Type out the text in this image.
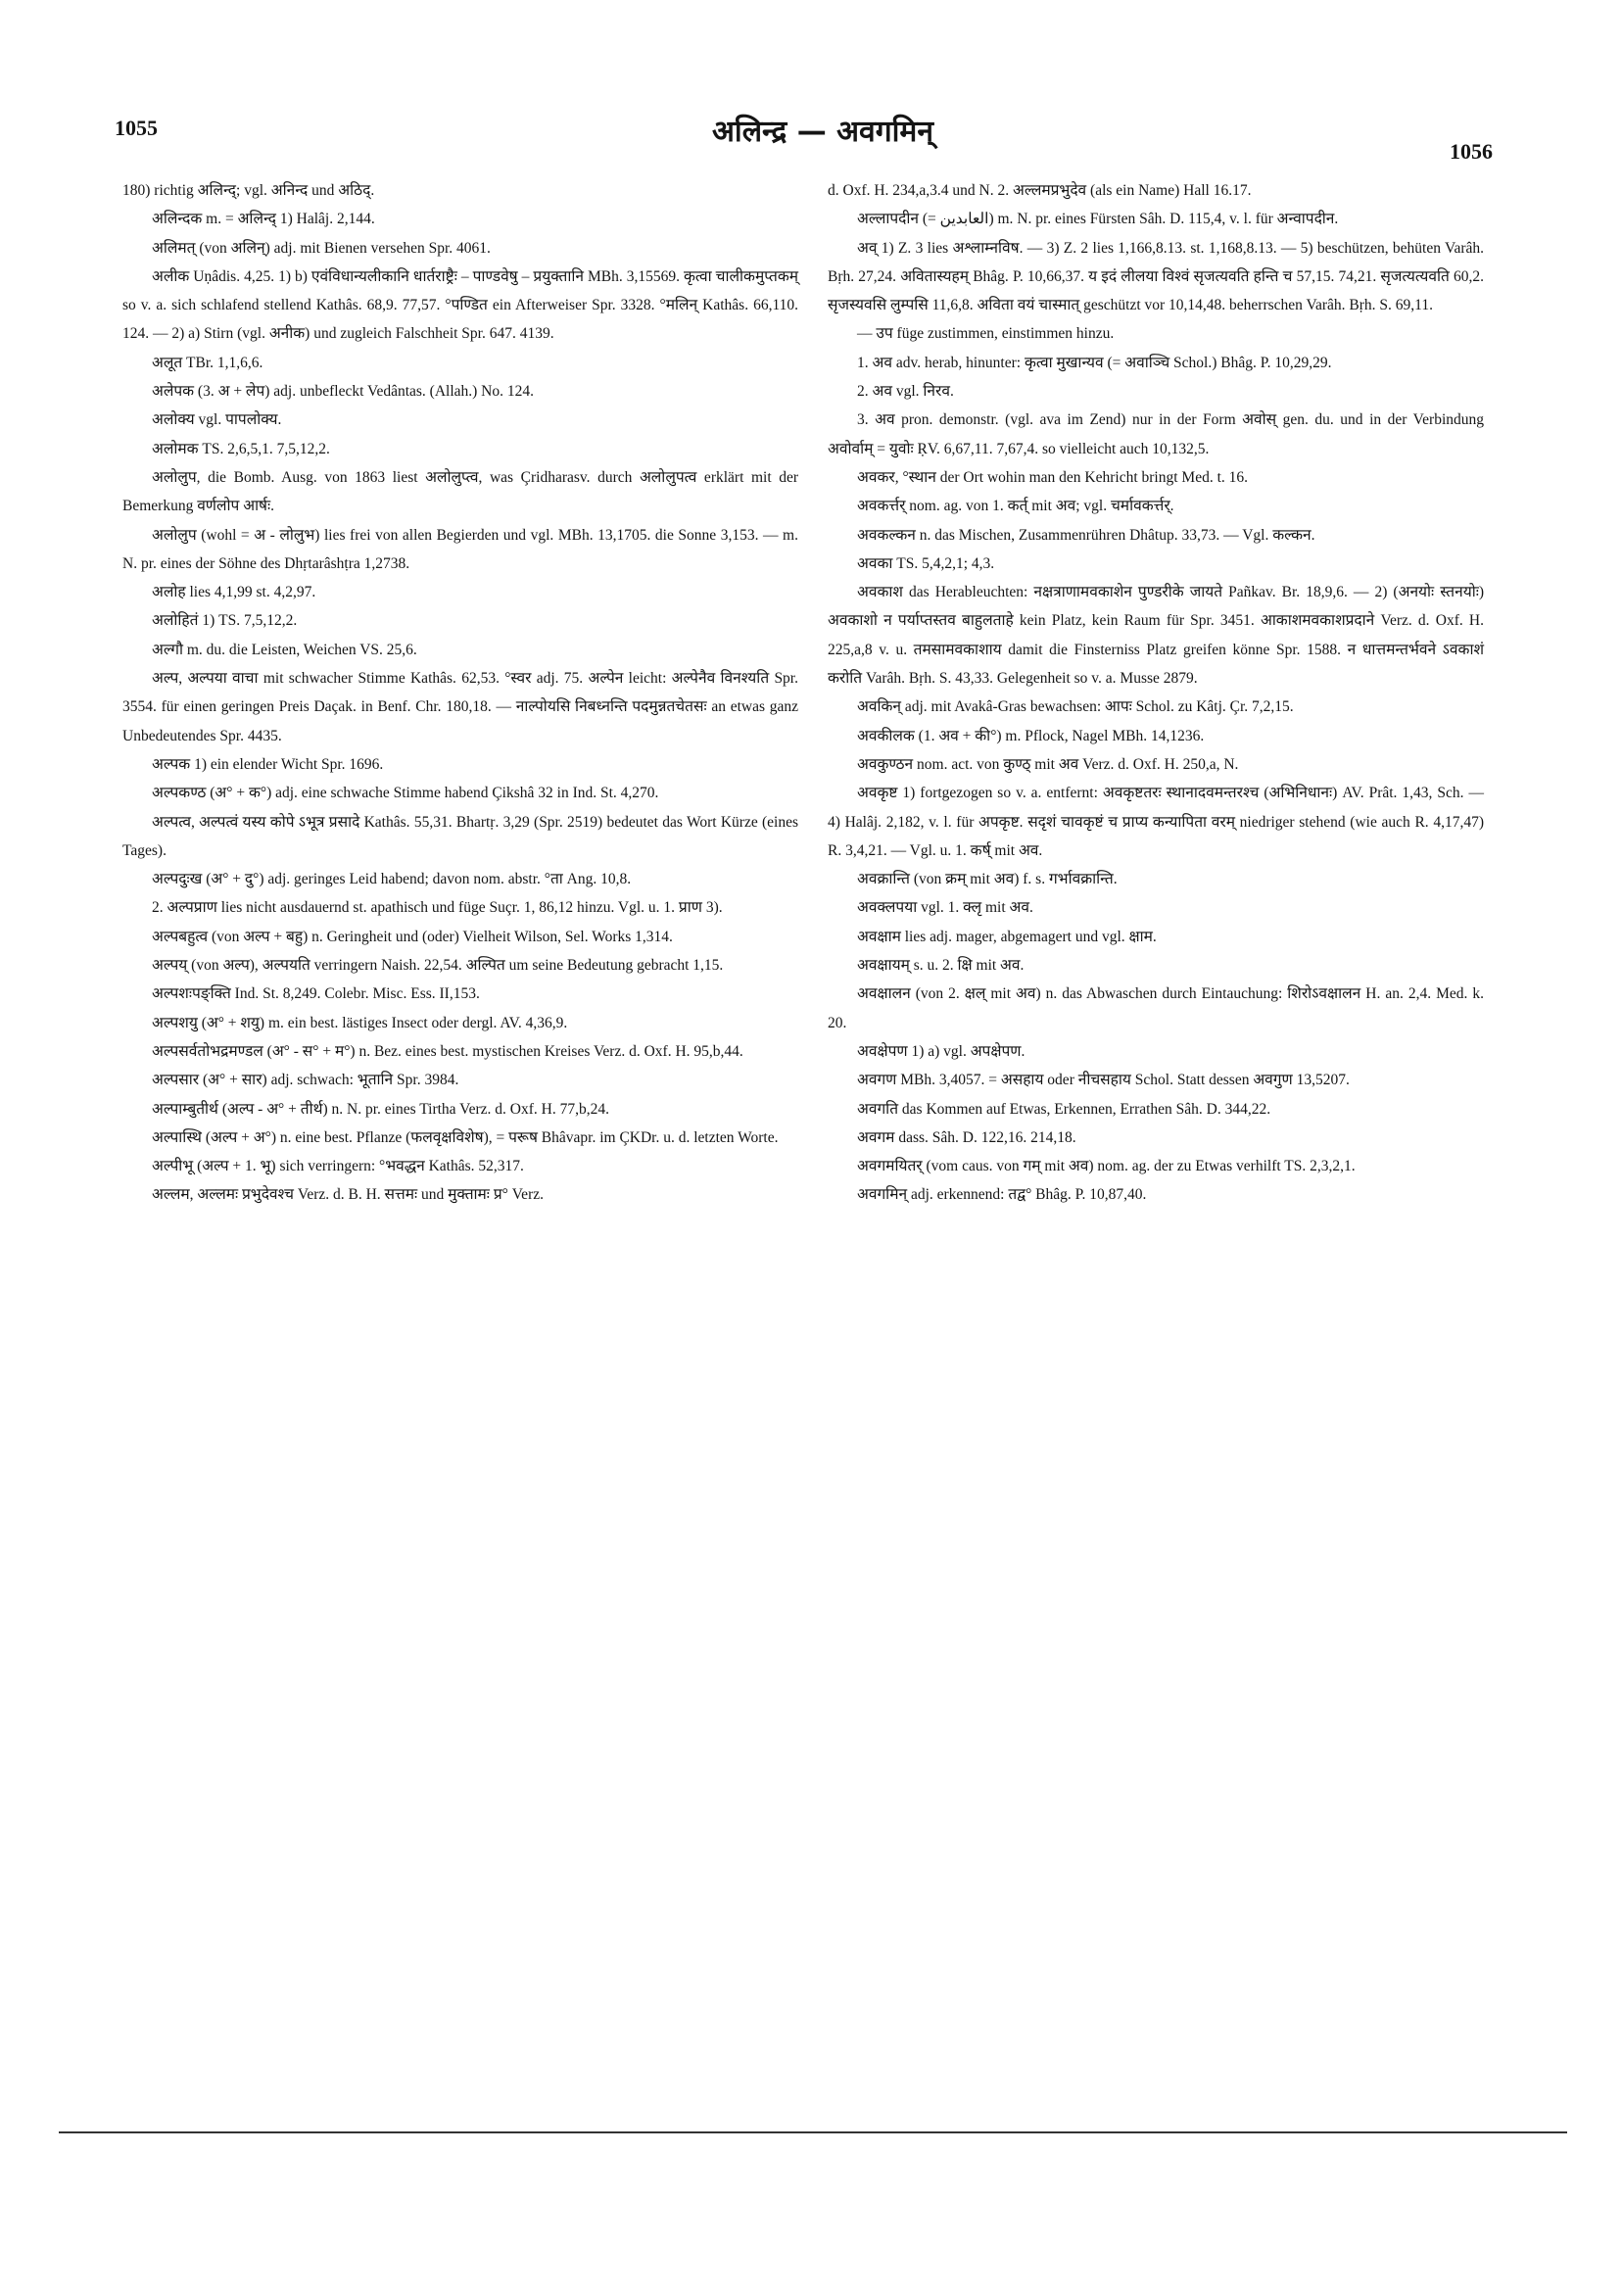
1055	अलिन्द्र — अवगमिन्
1056

180) richtig अलिन्द्; vgl. अनिन्द und अठिद्.

अलिन्दक m. = अलिन्द् 1) Halâj. 2,144.

अलिमत् (von अलिन्) adj. mit Bienen versehen Spr. 4061.

अलीक Uṇâdis. 4,25. 1) b) एवंविधान्यलीकानि धार्तराष्ट्रैः – पाण्डवेषु – प्रयुक्तानि MBh. 3,15569. कृत्वा चालीकमुप्तकम् so v. a. sich schlafend stellend Kathâs. 68,9. 77,57. °पण्डित ein Afterweiser Spr. 3328. °मलिन् Kathâs. 66,110. 124. — 2) a) Stirn (vgl. अनीक) und zugleich Falschheit Spr. 647. 4139.

अलूत TBr. 1,1,6,6.

अलेपक (3. अ + लेप) adj. unbefleckt Vedântas. (Allah.) No. 124.

अलोक्य vgl. पापलोक्य.

अलोमक TS. 2,6,5,1. 7,5,12,2.

अलोलुप, die Bomb. Ausg. von 1863 liest अलोलुप्त्व, was Çridharasv. durch अलोलुपत्व erklärt mit der Bemerkung वर्णलोप आर्षः.

अलोलुप (wohl = अ - लोलुभ) lies frei von allen Begierden und vgl. MBh. 13,1705. die Sonne 3,153. — m. N. pr. eines der Söhne des Dhṛtarâshṭra 1,2738.

अलोह lies 4,1,99 st. 4,2,97.

अलोहितं 1) TS. 7,5,12,2.

अल्गौ m. du. die Leisten, Weichen VS. 25,6.

अल्प, अल्पया वाचा mit schwacher Stimme Kathâs. 62,53. °स्वर adj. 75. अल्पेन leicht: अल्पेनैव विनश्यति Spr. 3554. für einen geringen Preis Daçak. in Benf. Chr. 180,18. — नाल्पोयसि निबध्नन्ति पदमुन्नतचेतसः an etwas ganz Unbedeutendes Spr. 4435.

अल्पक 1) ein elender Wicht Spr. 1696.

अल्पकण्ठ (अ° + क°) adj. eine schwache Stimme habend Çikshâ 32 in Ind. St. 4,270.

अल्पत्व, अल्पत्वं यस्य कोपे ऽभूत्र प्रसादे Kathâs. 55,31. Bhartṛ. 3,29 (Spr. 2519) bedeutet das Wort Kürze (eines Tages).

अल्पदुःख (अ° + दु°) adj. geringes Leid habend; davon nom. abstr. °ता Ang. 10,8.

2. अल्पप्राण lies nicht ausdauernd st. apathisch und füge Suçr. 1, 86,12 hinzu. Vgl. u. 1. प्राण 3).

अल्पबहुत्व (von अल्प + बहु) n. Geringheit und (oder) Vielheit Wilson, Sel. Works 1,314.

अल्पय् (von अल्प), अल्पयति verringern Naish. 22,54. अल्पित um seine Bedeutung gebracht 1,15.

अल्पशःपङ्क्ति Ind. St. 8,249. Colebr. Misc. Ess. II,153.

अल्पशयु (अ° + शयु) m. ein best. lästiges Insect oder dergl. AV. 4,36,9.

अल्पसर्वतोभद्रमण्डल (अ° - स° + म°) n. Bez. eines best. mystischen Kreises Verz. d. Oxf. H. 95,b,44.

अल्पसार (अ° + सार) adj. schwach: भूतानि Spr. 3984.

अल्पाम्बुतीर्थ (अल्प - अ° + तीर्थ) n. N. pr. eines Tirtha Verz. d. Oxf. H. 77,b,24.

अल्पास्थि (अल्प + अ°) n. eine best. Pflanze (फलवृक्षविशेष), = परूष Bhâvapr. im ÇKDr. u. d. letzten Worte.

अल्पीभू (अल्प + 1. भू) sich verringern: °भवद्धन Kathâs. 52,317.

अल्लम, अल्लमः प्रभुदेवश्च Verz. d. B. H. सत्तमः und मुक्तामः प्र° Verz.

d. Oxf. H. 234,a,3.4 und N. 2. अल्लमप्रभुदेव (als ein Name) Hall 16.17.

अल्लापदीन (= العابدين) m. N. pr. eines Fürsten Sâh. D. 115,4, v. l. für अन्वापदीन.

अव् 1) Z. 3 lies अश्लाम्नविष. — 3) Z. 2 lies 1,166,8.13. st. 1,168,8.13. — 5) beschützen, behüten Varâh. Bṛh. 27,24. अवितास्यहम् Bhâg. P. 10,66,37. य इदं लीलया विश्वं सृजत्यवति हन्ति च 57,15. 74,21. सृजत्यत्यवति 60,2. सृजस्यवसि लुम्पसि 11,6,8. अविता वयं चास्मात् geschützt vor 10,14,48. beherrschen Varâh. Bṛh. S. 69,11.

— उप füge zustimmen, einstimmen hinzu.

1. अव adv. herab, hinunter: कृत्वा मुखान्यव (= अवाञ्चि Schol.) Bhâg. P. 10,29,29.

2. अव vgl. निरव.

3. अव pron. demonstr. (vgl. ava im Zend) nur in der Form अवोस् gen. du. und in der Verbindung अवोर्वाम् = युवोः ṚV. 6,67,11. 7,67,4. so vielleicht auch 10,132,5.

अवकर, °स्थान der Ort wohin man den Kehricht bringt Med. t. 16.

अवकर्त्तर् nom. ag. von 1. कर्त् mit अव; vgl. चर्मावकर्त्तर्.

अवकल्कन n. das Mischen, Zusammenrühren Dhâtup. 33,73. — Vgl. कल्कन.

अवका TS. 5,4,2,1; 4,3.

अवकाश das Herableuchten: नक्षत्राणामवकाशेन पुण्डरीके जायते Pañkav. Br. 18,9,6. — 2) (अनयोः स्तनयोः) अवकाशो न पर्याप्तस्तव बाहुलताहे kein Platz, kein Raum für Spr. 3451. आकाशमवकाशप्रदाने Verz. d. Oxf. H. 225,a,8 v. u. तमसामवकाशाय damit die Finsterniss Platz greifen könne Spr. 1588. न धात्तमन्तर्भवने ऽवकाशं करोति Varâh. Bṛh. S. 43,33. Gelegenheit so v. a. Musse 2879.

अवकिन् adj. mit Avakâ-Gras bewachsen: आपः Schol. zu Kâtj. Çr. 7,2,15.

अवकीलक (1. अव + की°) m. Pflock, Nagel MBh. 14,1236.

अवकुण्ठन nom. act. von कुण्ठ् mit अव Verz. d. Oxf. H. 250,a, N.

अवकृष्ट 1) fortgezogen so v. a. entfernt: अवकृष्टतरः स्थानादवमन्तरश्च (अभिनिधानः) AV. Prât. 1,43, Sch. — 4) Halâj. 2,182, v. l. für अपकृष्ट. सदृशं चावकृष्टं च प्राप्य कन्यापिता वरम् niedriger stehend (wie auch R. 4,17,47) R. 3,4,21. — Vgl. u. 1. कर्ष् mit अव.

अवक्रान्ति (von क्रम् mit अव) f. s. गर्भावक्रान्ति.

अवक्लपया vgl. 1. क्लृ mit अव.

अवक्षाम lies adj. mager, abgemagert und vgl. क्षाम.

अवक्षायम् s. u. 2. क्षि mit अव.

अवक्षालन (von 2. क्षल् mit अव) n. das Abwaschen durch Eintauchung: शिरोऽवक्षालन H. an. 2,4. Med. k. 20.

अवक्षेपण 1) a) vgl. अपक्षेपण.

अवगण MBh. 3,4057. = असहाय oder नीचसहाय Schol. Statt dessen अवगुण 13,5207.

अवगति das Kommen auf Etwas, Erkennen, Errathen Sâh. D. 344,22.

अवगम dass. Sâh. D. 122,16. 214,18.

अवगमयितर् (vom caus. von गम् mit अव) nom. ag. der zu Etwas verhilft TS. 2,3,2,1.

अवगमिन् adj. erkennend: तद्व° Bhâg. P. 10,87,40.
